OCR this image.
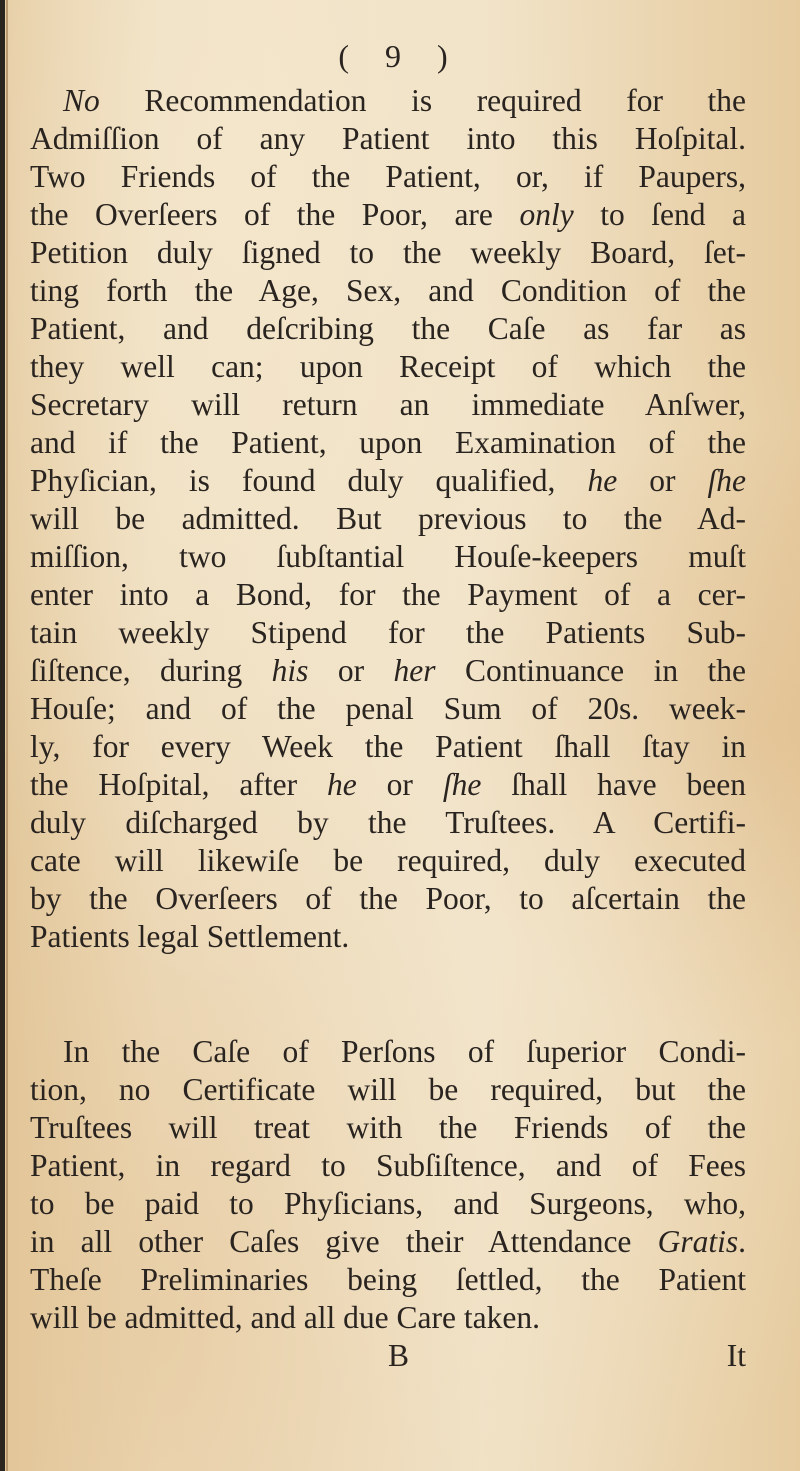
( 9 )
No Recommendation is required for the
Admiſſion of any Patient into this Hoſpital.
Two Friends of the Patient, or, if Paupers,
the Overſeers of the Poor, are only to ſend a
Petition duly ſigned to the weekly Board, ſet-
ting forth the Age, Sex, and Condition of the
Patient, and deſcribing the Caſe as far as
they well can; upon Receipt of which the
Secretary will return an immediate Anſwer,
and if the Patient, upon Examination of the
Phyſician, is found duly qualified, he or ſhe
will be admitted. But previous to the Ad-
miſſion, two ſubſtantial Houſe-keepers muſt
enter into a Bond, for the Payment of a cer-
tain weekly Stipend for the Patients Sub-
ſiſtence, during his or her Continuance in the
Houſe; and of the penal Sum of 20s. week-
ly, for every Week the Patient ſhall ſtay in
the Hoſpital, after he or ſhe ſhall have been
duly diſcharged by the Truſtees. A Certifi-
cate will likewiſe be required, duly executed
by the Overſeers of the Poor, to aſcertain the
Patients legal Settlement.
In the Caſe of Perſons of ſuperior Condi-
tion, no Certificate will be required, but the
Truſtees will treat with the Friends of the
Patient, in regard to Subſiſtence, and of Fees
to be paid to Phyſicians, and Surgeons, who,
in all other Caſes give their Attendance Gratis.
Theſe Preliminaries being ſettled, the Patient
will be admitted, and all due Care taken.
B	It
